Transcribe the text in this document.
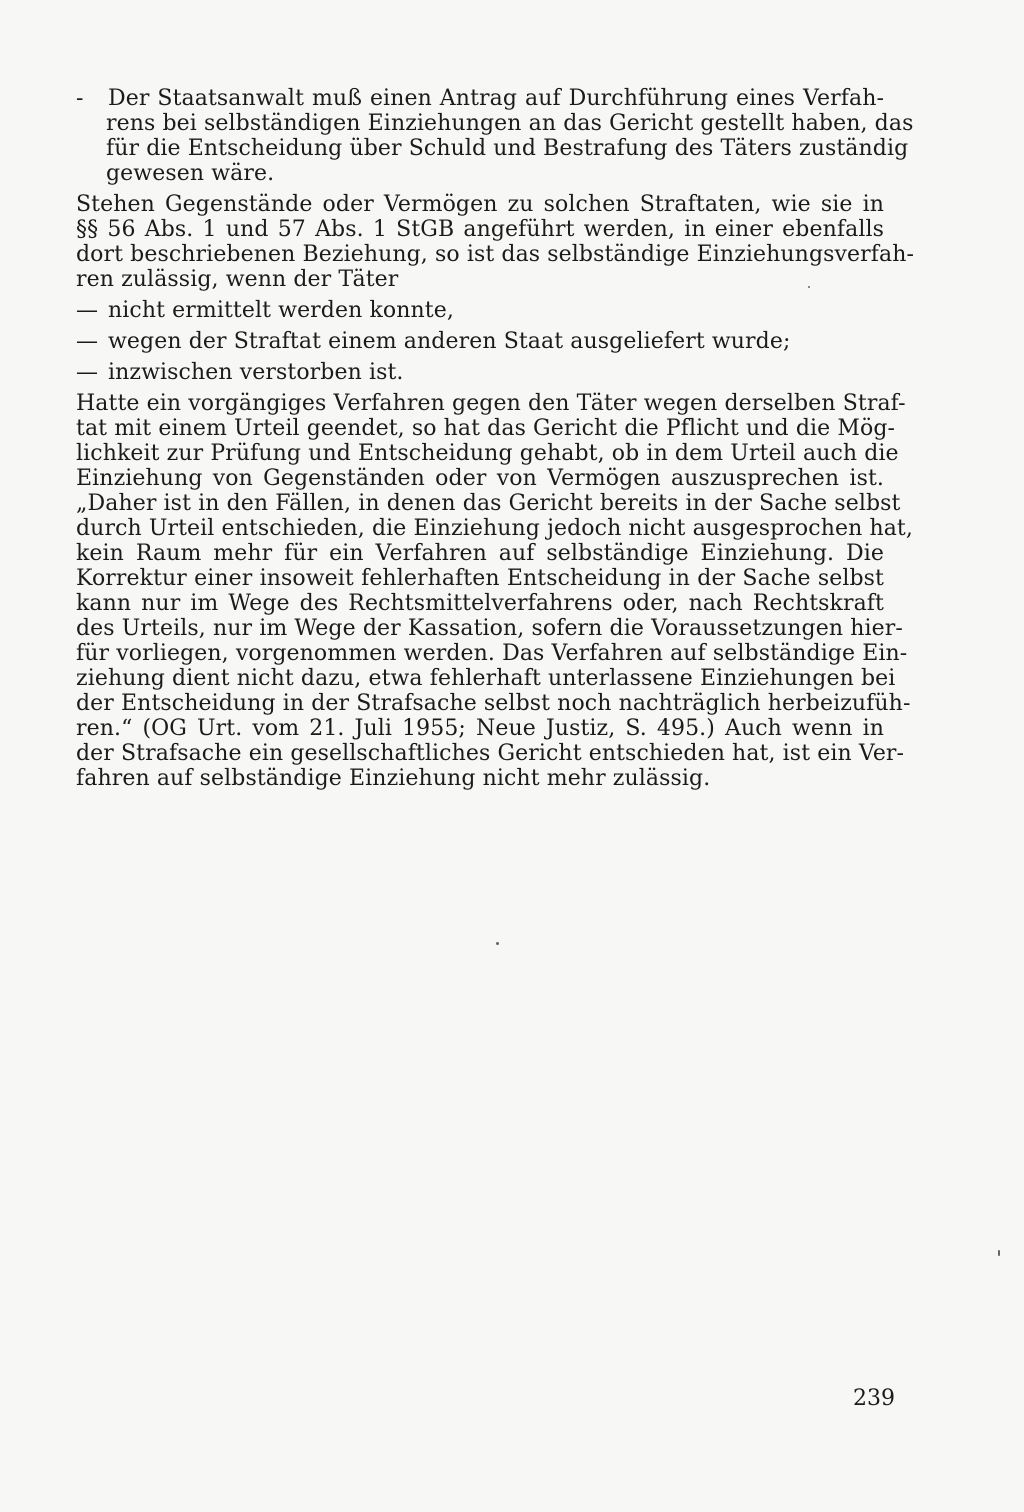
-	Der Staatsanwalt muß einen Antrag auf Durchführung eines Verfah-
rens bei selbständigen Einziehungen an das Gericht gestellt haben, das
für die Entscheidung über Schuld und Bestrafung des Täters zuständig
gewesen wäre.
Stehen Gegenstände oder Vermögen zu solchen Straftaten, wie sie in
§§ 56 Abs. 1 und 57 Abs. 1 StGB angeführt werden, in einer ebenfalls
dort beschriebenen Beziehung, so ist das selbständige Einziehungsverfah-
ren zulässig, wenn der Täter
— nicht ermittelt werden konnte,
— wegen der Straftat einem anderen Staat ausgeliefert wurde;
— inzwischen verstorben ist.
Hatte ein vorgängiges Verfahren gegen den Täter wegen derselben Straf-
tat mit einem Urteil geendet, so hat das Gericht die Pflicht und die Mög-
lichkeit zur Prüfung und Entscheidung gehabt, ob in dem Urteil auch die
Einziehung von Gegenständen oder von Vermögen auszusprechen ist.
„Daher ist in den Fällen, in denen das Gericht bereits in der Sache selbst
durch Urteil entschieden, die Einziehung jedoch nicht ausgesprochen hat,
kein Raum mehr für ein Verfahren auf selbständige Einziehung. Die
Korrektur einer insoweit fehlerhaften Entscheidung in der Sache selbst
kann nur im Wege des Rechtsmittelverfahrens oder, nach Rechtskraft
des Urteils, nur im Wege der Kassation, sofern die Voraussetzungen hier-
für vorliegen, vorgenommen werden. Das Verfahren auf selbständige Ein-
ziehung dient nicht dazu, etwa fehlerhaft unterlassene Einziehungen bei
der Entscheidung in der Strafsache selbst noch nachträglich herbeizufüh-
ren.“ (OG Urt. vom 21. Juli 1955; Neue Justiz, S. 495.) Auch wenn in
der Strafsache ein gesellschaftliches Gericht entschieden hat, ist ein Ver-
fahren auf selbständige Einziehung nicht mehr zulässig.
239
